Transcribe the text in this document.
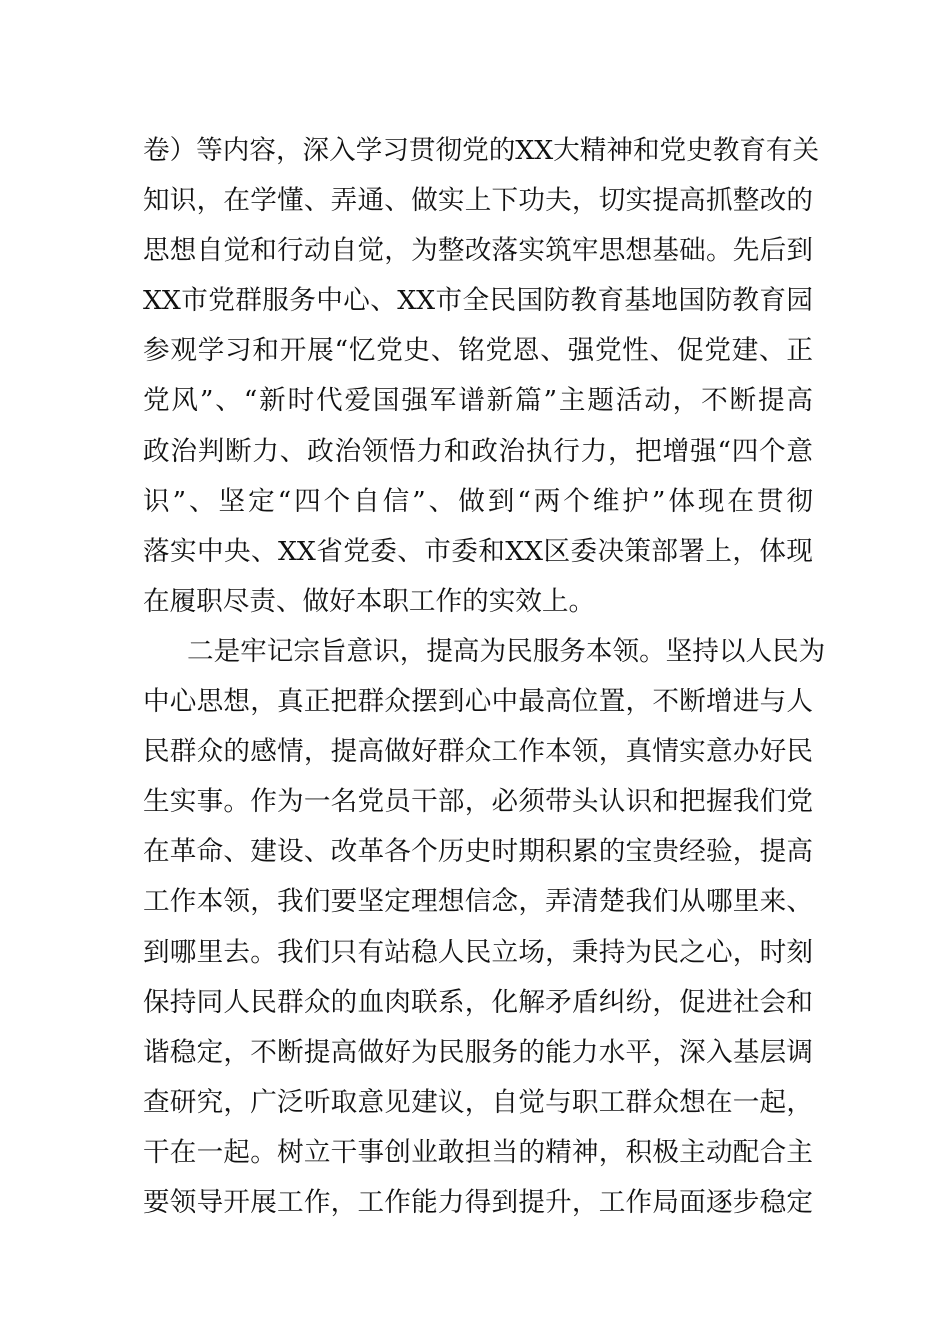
卷）等内容，深入学习贯彻党的XX大精神和党史教育有关
知识，在学懂、弄通、做实上下功夫，切实提高抓整改的
思想自觉和行动自觉，为整改落实筑牢思想基础。先后到
XX市党群服务中心、XX市全民国防教育基地国防教育园
参观学习和开展“忆党史、铭党恩、强党性、促党建、正
党风”、“新时代爱国强军谱新篇”主题活动，不断提高
政治判断力、政治领悟力和政治执行力，把增强“四个意
识”、坚定“四个自信”、做到“两个维护”体现在贯彻
落实中央、XX省党委、市委和XX区委决策部署上，体现
在履职尽责、做好本职工作的实效上。
二是牢记宗旨意识，提高为民服务本领。坚持以人民为
中心思想，真正把群众摆到心中最高位置，不断增进与人
民群众的感情，提高做好群众工作本领，真情实意办好民
生实事。作为一名党员干部，必须带头认识和把握我们党
在革命、建设、改革各个历史时期积累的宝贵经验，提高
工作本领，我们要坚定理想信念，弄清楚我们从哪里来、
到哪里去。我们只有站稳人民立场，秉持为民之心，时刻
保持同人民群众的血肉联系，化解矛盾纠纷，促进社会和
谐稳定，不断提高做好为民服务的能力水平，深入基层调
查研究，广泛听取意见建议，自觉与职工群众想在一起，
干在一起。树立干事创业敢担当的精神，积极主动配合主
要领导开展工作，工作能力得到提升，工作局面逐步稳定
